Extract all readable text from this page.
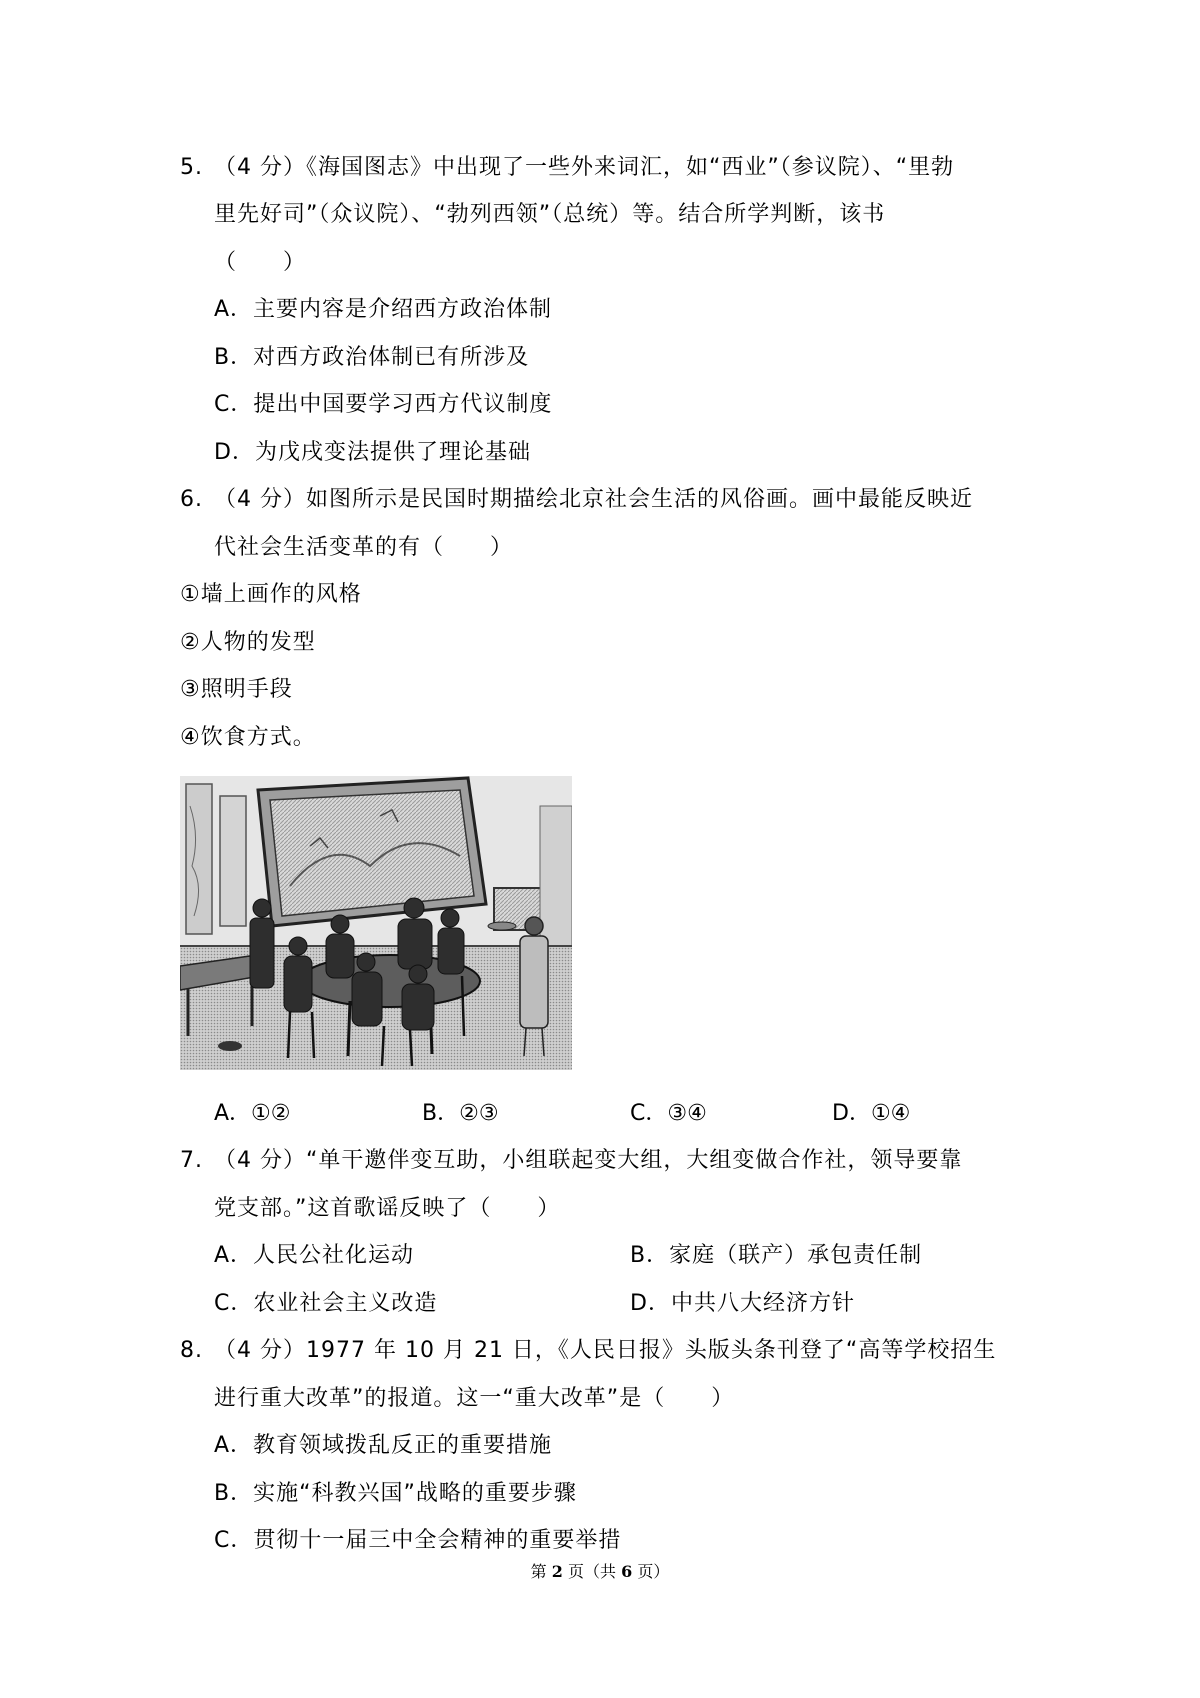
5. （4 分）《海国图志》中出现了一些外来词汇，如“西业”（参议院）、“里勃
里先好司”（众议院）、“勃列西领”（总统）等。结合所学判断，该书
（　　）
A．主要内容是介绍西方政治体制
B．对西方政治体制已有所涉及
C．提出中国要学习西方代议制度
D．为戊戌变法提供了理论基础
6. （4 分）如图所示是民国时期描绘北京社会生活的风俗画。画中最能反映近
代社会生活变革的有（　　）
①墙上画作的风格
②人物的发型
③照明手段
④饮食方式。
A．①②	B．②③	C．③④	D．①④
7. （4 分）“单干邀伴变互助，小组联起变大组，大组变做合作社，领导要靠
党支部。”这首歌谣反映了（　　）
A．人民公社化运动	B．家庭（联产）承包责任制
C．农业社会主义改造	D．中共八大经济方针
8. （4 分）1977 年 10 月 21 日，《人民日报》头版头条刊登了“高等学校招生
进行重大改革”的报道。这一“重大改革”是（　　）
A．教育领域拨乱反正的重要措施
B．实施“科教兴国”战略的重要步骤
C．贯彻十一届三中全会精神的重要举措
第 2 页（共 6 页）
